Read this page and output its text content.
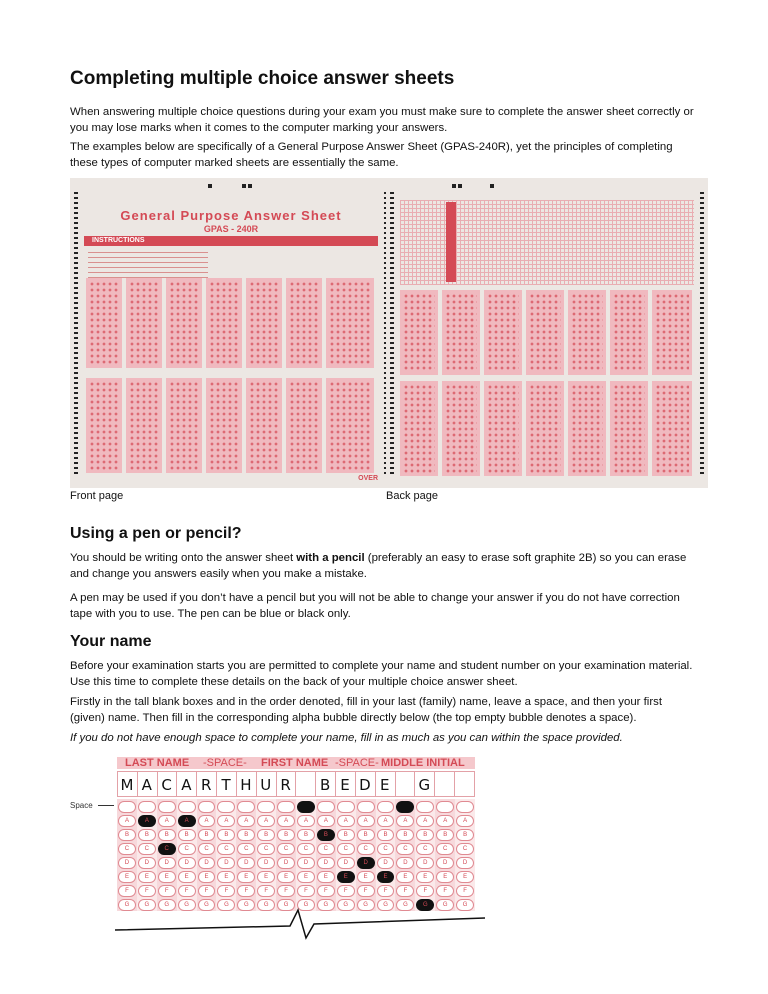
Completing multiple choice answer sheets

When answering multiple choice questions during your exam you must make sure to complete the answer sheet correctly or you may lose marks when it comes to the computer marking your answers.

The examples below are specifically of a General Purpose Answer Sheet (GPAS-240R), yet the principles of completing these types of computer marked sheets are essentially the same.

General Purpose Answer Sheet
GPAS - 240R
INSTRUCTIONS
OVER
Front page	Back page
Using a pen or pencil?

You should be writing onto the answer sheet with a pencil (preferably an easy to erase soft graphite 2B) so you can erase and change you answers easily when you make a mistake.

A pen may be used if you don’t have a pencil but you will not be able to change your answer if you do not have correction tape with you to use. The pen can be blue or black only.

Your name

Before your examination starts you are permitted to complete your name and student number on your examination material. Use this time to complete these details on the back of your multiple choice answer sheet.

Firstly in the tall blank boxes and in the order denoted, fill in your last (family) name, leave a space, and then your first (given) name. Then fill in the corresponding alpha bubble directly below (the top empty bubble denotes a space).

If you do not have enough space to complete your name, fill in as much as you can within the space provided.

Space
LAST NAME -SPACE- FIRST NAME -SPACE- MIDDLE INITIAL
M A C A R T H U R B E D E G
A
B
C
D
E
F
G
A
B
C
D
E
F
G
A
B
C
D
E
F
G
A
B
C
D
E
F
G
A
B
C
D
E
F
G
A
B
C
D
E
F
G
A
B
C
D
E
F
G
A
B
C
D
E
F
G
A
B
C
D
E
F
G
A
B
C
D
E
F
G
A
B
C
D
E
F
G
A
B
C
D
E
F
G
A
B
C
D
E
F
G
A
B
C
D
E
F
G
A
B
C
D
E
F
G
A
B
C
D
E
F
G
A
B
C
D
E
F
G
A
B
C
D
E
F
G
